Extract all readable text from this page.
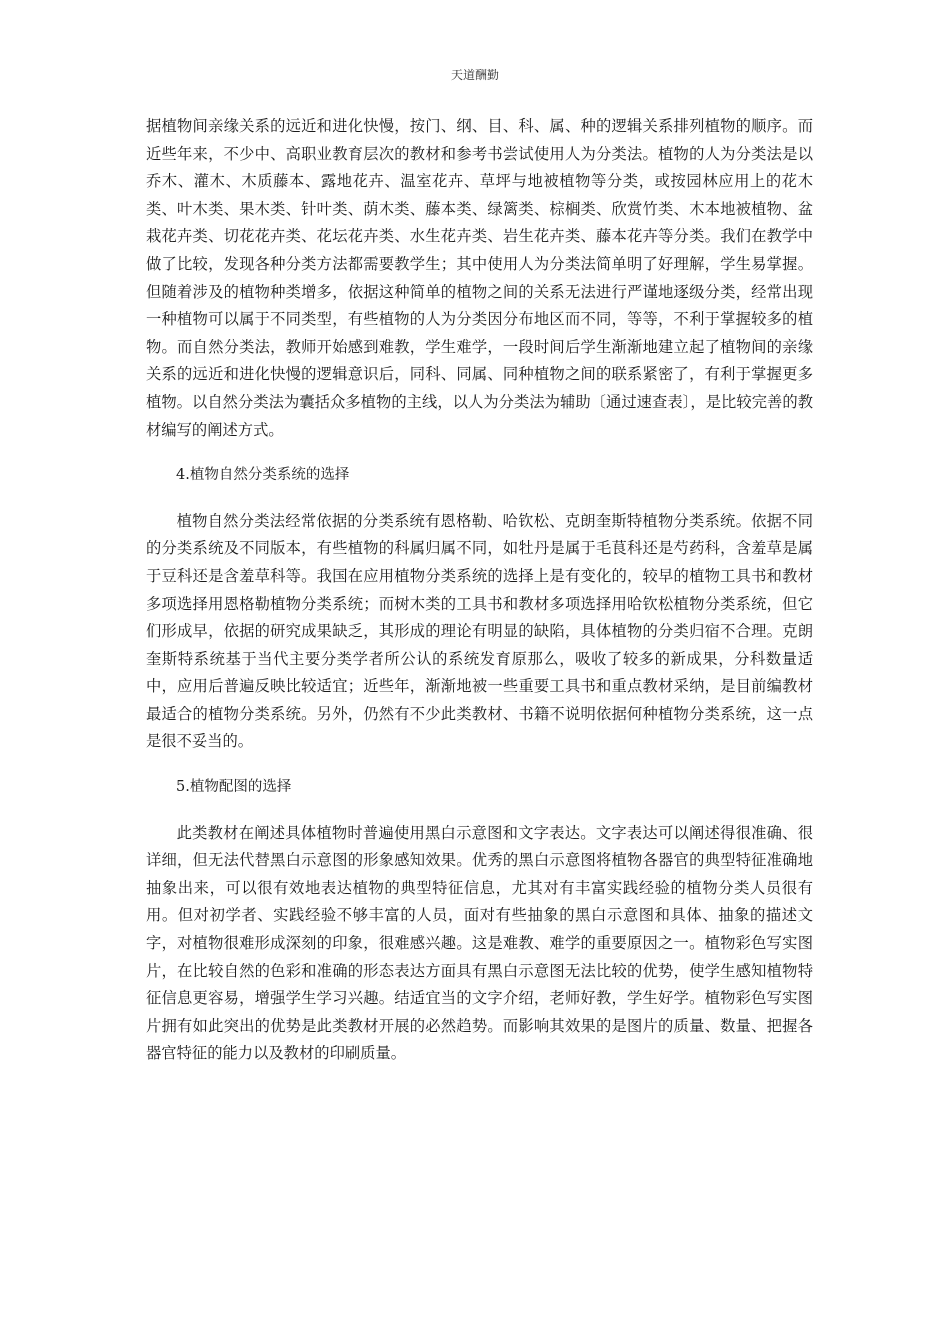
天道酬勤

据植物间亲缘关系的远近和进化快慢，按门、纲、目、科、属、种的逻辑关系排列植物的顺序。而近些年来，不少中、高职业教育层次的教材和参考书尝试使用人为分类法。植物的人为分类法是以乔木、灌木、木质藤本、露地花卉、温室花卉、草坪与地被植物等分类，或按园林应用上的花木类、叶木类、果木类、针叶类、荫木类、藤本类、绿篱类、棕榈类、欣赏竹类、木本地被植物、盆栽花卉类、切花花卉类、花坛花卉类、水生花卉类、岩生花卉类、藤本花卉等分类。我们在教学中做了比较，发现各种分类方法都需要教学生；其中使用人为分类法简单明了好理解，学生易掌握。但随着涉及的植物种类增多，依据这种简单的植物之间的关系无法进行严谨地逐级分类，经常出现一种植物可以属于不同类型，有些植物的人为分类因分布地区而不同，等等，不利于掌握较多的植物。而自然分类法，教师开始感到难教，学生难学，一段时间后学生渐渐地建立起了植物间的亲缘关系的远近和进化快慢的逻辑意识后，同科、同属、同种植物之间的联系紧密了，有利于掌握更多植物。以自然分类法为囊括众多植物的主线，以人为分类法为辅助〔通过速查表〕，是比较完善的教材编写的阐述方式。

4.植物自然分类系统的选择

植物自然分类法经常依据的分类系统有恩格勒、哈钦松、克朗奎斯特植物分类系统。依据不同的分类系统及不同版本，有些植物的科属归属不同，如牡丹是属于毛茛科还是芍药科，含羞草是属于豆科还是含羞草科等。我国在应用植物分类系统的选择上是有变化的，较早的植物工具书和教材多项选择用恩格勒植物分类系统；而树木类的工具书和教材多项选择用哈钦松植物分类系统，但它们形成早，依据的研究成果缺乏，其形成的理论有明显的缺陷，具体植物的分类归宿不合理。克朗奎斯特系统基于当代主要分类学者所公认的系统发育原那么，吸收了较多的新成果，分科数量适中，应用后普遍反映比较适宜；近些年，渐渐地被一些重要工具书和重点教材采纳，是目前编教材最适合的植物分类系统。另外，仍然有不少此类教材、书籍不说明依据何种植物分类系统，这一点是很不妥当的。

5.植物配图的选择

此类教材在阐述具体植物时普遍使用黑白示意图和文字表达。文字表达可以阐述得很准确、很详细，但无法代替黑白示意图的形象感知效果。优秀的黑白示意图将植物各器官的典型特征准确地抽象出来，可以很有效地表达植物的典型特征信息，尤其对有丰富实践经验的植物分类人员很有用。但对初学者、实践经验不够丰富的人员，面对有些抽象的黑白示意图和具体、抽象的描述文字，对植物很难形成深刻的印象，很难感兴趣。这是难教、难学的重要原因之一。植物彩色写实图片，在比较自然的色彩和准确的形态表达方面具有黑白示意图无法比较的优势，使学生感知植物特征信息更容易，增强学生学习兴趣。结适宜当的文字介绍，老师好教，学生好学。植物彩色写实图片拥有如此突出的优势是此类教材开展的必然趋势。而影响其效果的是图片的质量、数量、把握各器官特征的能力以及教材的印刷质量。
